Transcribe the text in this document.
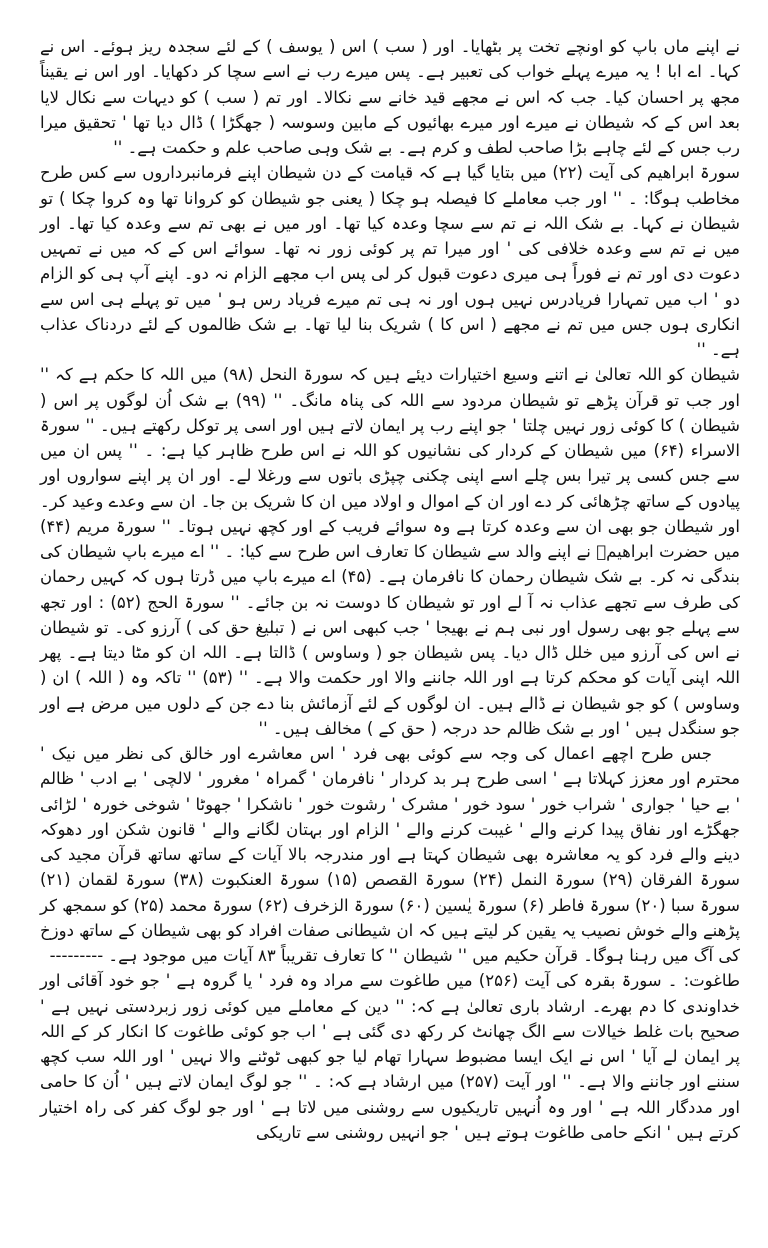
نے اپنے ماں باپ کو اونچے تخت پر بٹھایا۔ اور ( سب ) اس ( یوسف ) کے لئے سجدہ ریز ہوئے۔ اس نے کہا۔ اے ابا ! یہ میرے پہلے خواب کی تعبیر ہے۔ پس میرے رب نے اسے سچا کر دکھایا۔ اور اس نے یقیناً مجھ پر احسان کیا۔ جب کہ اس نے مجھے قید خانے سے نکالا۔ اور تم ( سب ) کو دیہات سے نکال لایا بعد اس کے کہ شیطان نے میرے اور میرے بھائیوں کے مابین وسوسہ ( جھگڑا ) ڈال دیا تھا ' تحقیق میرا رب جس کے لئے چاہے بڑا صاحب لطف و کرم ہے۔ بے شک وہی صاحب علم و حکمت ہے۔ ''

سورۃ ابراھیم کی آیت (۲۲) میں بتایا گیا ہے کہ قیامت کے دن شیطان اپنے فرمانبرداروں سے کس طرح مخاطب ہوگا: ۔ '' اور جب معاملے کا فیصلہ ہو چکا ( یعنی جو شیطان کو کروانا تھا وہ کروا چکا ) تو شیطان نے کہا۔ بے شک اللہ نے تم سے سچا وعدہ کیا تھا۔ اور میں نے بھی تم سے وعدہ کیا تھا۔ اور میں نے تم سے وعدہ خلافی کی ' اور میرا تم پر کوئی زور نہ تھا۔ سوائے اس کے کہ میں نے تمہیں دعوت دی اور تم نے فوراً ہی میری دعوت قبول کر لی پس اب مجھے الزام نہ دو۔ اپنے آپ ہی کو الزام دو ' اب میں تمہارا فریادرس نہیں ہوں اور نہ ہی تم میرے فریاد رس ہو ' میں تو پہلے ہی اس سے انکاری ہوں جس میں تم نے مجھے ( اس کا ) شریک بنا لیا تھا۔ بے شک ظالموں کے لئے دردناک عذاب ہے۔ ''

شیطان کو اللہ تعالیٰ نے اتنے وسیع اختیارات دیئے ہیں کہ سورۃ النحل (۹۸) میں اللہ کا حکم ہے کہ '' اور جب تو قرآن پڑھے تو شیطان مردود سے اللہ کی پناہ مانگ۔ '' (۹۹) بے شک اُن لوگوں پر اس ( شیطان ) کا کوئی زور نہیں چلتا ' جو اپنے رب پر ایمان لاتے ہیں اور اسی پر توکل رکھتے ہیں۔ '' سورۃ الاسراء (۶۴) میں شیطان کے کردار کی نشانیوں کو اللہ نے اس طرح ظاہر کیا ہے: ۔ '' پس ان میں سے جس کسی پر تیرا بس چلے اسے اپنی چکنی چپڑی باتوں سے ورغلا لے۔ اور ان پر اپنے سواروں اور پیادوں کے ساتھ چڑھائی کر دے اور ان کے اموال و اولاد میں ان کا شریک بن جا۔ ان سے وعدے وعید کر۔ اور شیطان جو بھی ان سے وعدہ کرتا ہے وہ سوائے فریب کے اور کچھ نہیں ہوتا۔ '' سورۃ مریم (۴۴) میں حضرت ابراھیمؑ نے اپنے والد سے شیطان کا تعارف اس طرح سے کیا: ۔ '' اے میرے باپ شیطان کی بندگی نہ کر۔ بے شک شیطان رحمان کا نافرمان ہے۔ (۴۵) اے میرے باپ میں ڈرتا ہوں کہ کہیں رحمان کی طرف سے تجھے عذاب نہ آ لے اور تو شیطان کا دوست نہ بن جائے۔ '' سورۃ الحج (۵۲) : اور تجھ سے پہلے جو بھی رسول اور نبی ہم نے بھیجا ' جب کبھی اس نے ( تبلیغ حق کی ) آرزو کی۔ تو شیطان نے اس کی آرزو میں خلل ڈال دیا۔ پس شیطان جو ( وساوس ) ڈالتا ہے۔ اللہ ان کو مٹا دیتا ہے۔ پھر اللہ اپنی آیات کو محکم کرتا ہے اور اللہ جاننے والا اور حکمت والا ہے۔ '' (۵۳) '' تاکہ وہ ( اللہ ) ان ( وساوس ) کو جو شیطان نے ڈالے ہیں۔ ان لوگوں کے لئے آزمائش بنا دے جن کے دلوں میں مرض ہے اور جو سنگدل ہیں ' اور بے شک ظالم حد درجہ ( حق کے ) مخالف ہیں۔ ''

جس طرح اچھے اعمال کی وجہ سے کوئی بھی فرد ' اس معاشرے اور خالق کی نظر میں نیک ' محترم اور معزز کہلاتا ہے ' اسی طرح ہر بد کردار ' نافرمان ' گمراہ ' مغرور ' لالچی ' بے ادب ' ظالم ' بے حیا ' جواری ' شراب خور ' سود خور ' مشرک ' رشوت خور ' ناشکرا ' جھوٹا ' شوخی خورہ ' لڑائی جھگڑے اور نفاق پیدا کرنے والے ' غیبت کرنے والے ' الزام اور بہتان لگانے والے ' قانون شکن اور دھوکہ دینے والے فرد کو یہ معاشرہ بھی شیطان کہتا ہے اور مندرجہ بالا آیات کے ساتھ ساتھ قرآن مجید کی سورۃ الفرقان (۲۹) سورۃ النمل (۲۴) سورۃ القصص (۱۵) سورۃ العنکبوت (۳۸) سورۃ لقمان (۲۱) سورۃ سبا (۲۰) سورۃ فاطر (۶) سورۃ یٰسین (۶۰) سورۃ الزخرف (۶۲) سورۃ محمد (۲۵) کو سمجھ کر پڑھنے والے خوش نصیب یہ یقین کر لیتے ہیں کہ ان شیطانی صفات افراد کو بھی شیطان کے ساتھ دوزخ کی آگ میں رہنا ہوگا۔ قرآن حکیم میں '' شیطان '' کا تعارف تقریباً ۸۳ آیات میں موجود ہے۔ ---------

طاغوت: ۔ سورۃ بقرہ کی آیت (۲۵۶) میں طاغوت سے مراد وہ فرد ' یا گروہ ہے ' جو خود آقائی اور خداوندی کا دم بھرے۔ ارشاد باری تعالیٰ ہے کہ: '' دین کے معاملے میں کوئی زور زبردستی نہیں ہے ' صحیح بات غلط خیالات سے الگ چھانٹ کر رکھ دی گئی ہے ' اب جو کوئی طاغوت کا انکار کر کے اللہ پر ایمان لے آیا ' اس نے ایک ایسا مضبوط سہارا تھام لیا جو کبھی ٹوٹنے والا نہیں ' اور اللہ سب کچھ سننے اور جاننے والا ہے۔ '' اور آیت (۲۵۷) میں ارشاد ہے کہ: ۔ '' جو لوگ ایمان لاتے ہیں ' اُن کا حامی اور مددگار اللہ ہے ' اور وہ اُنہیں تاریکیوں سے روشنی میں لاتا ہے ' اور جو لوگ کفر کی راہ اختیار کرتے ہیں ' انکے حامی طاغوت ہوتے ہیں ' جو انہیں روشنی سے تاریکی
